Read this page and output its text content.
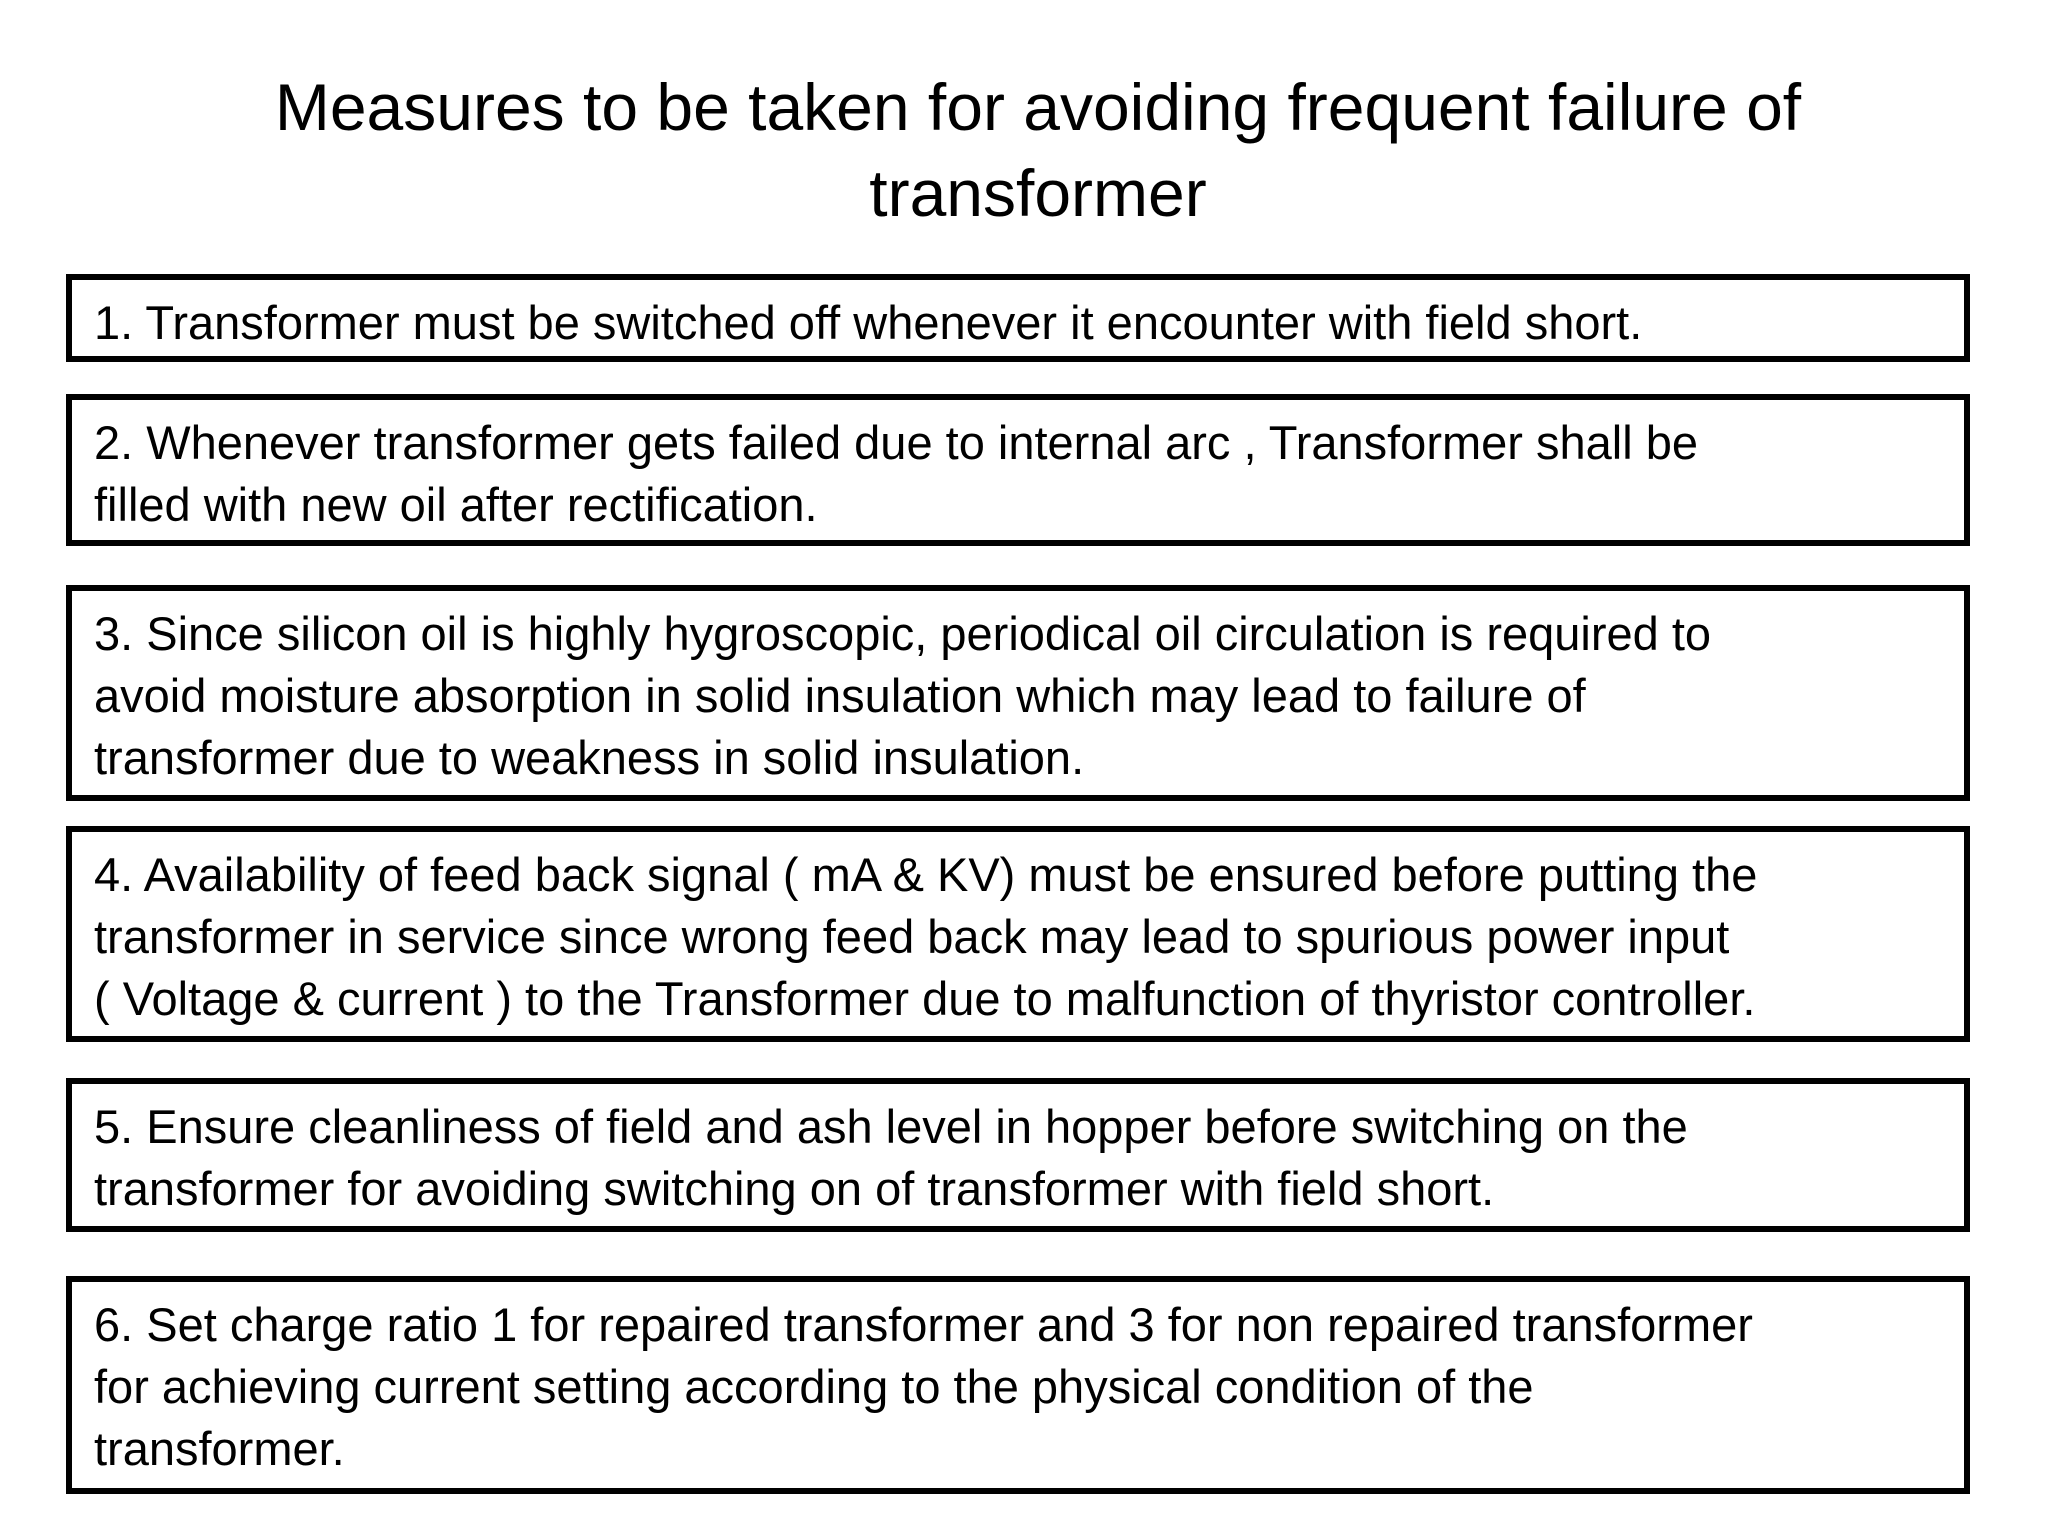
Measures to be taken for avoiding frequent failure of
transformer
1. Transformer must be switched off whenever it encounter with field short.
2. Whenever transformer gets failed due to internal arc , Transformer shall be
filled with new oil after rectification.
3. Since silicon oil is highly hygroscopic, periodical oil circulation is required to
avoid moisture absorption in solid insulation which may lead to failure of
transformer due to weakness in solid insulation.
4. Availability of feed back signal ( mA & KV) must be ensured before putting the
transformer in service since wrong feed back may lead to spurious power input
( Voltage & current ) to the Transformer due to malfunction of thyristor controller.
5. Ensure cleanliness of field and ash level in hopper before switching on the
transformer for avoiding switching on of transformer with field short.
6. Set charge ratio 1 for repaired transformer and 3 for non repaired transformer
for achieving current setting according to the physical condition of the
transformer.
